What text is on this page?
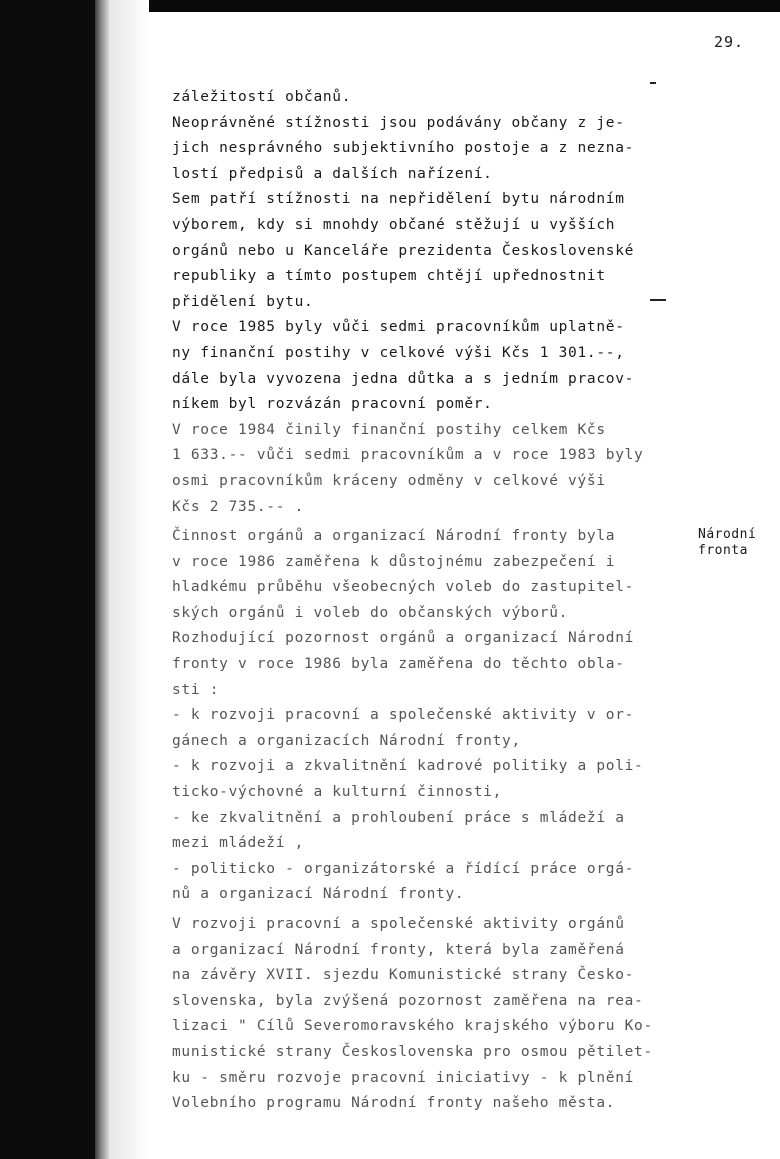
29.
záležitostí občanů.
Neoprávněné stížnosti jsou podávány občany z je-
jich nesprávného subjektivního postoje a z nezna-
lostí předpisů a dalších nařízení.
Sem patří stížnosti na nepřidělení bytu národním
výborem, kdy si mnohdy občané stěžují u vyšších
orgánů nebo u Kanceláře prezidenta Československé
republiky a tímto postupem chtějí upřednostnit
přidělení bytu.
V roce 1985 byly vůči sedmi pracovníkům uplatně-
ny finanční postihy v celkové výši Kčs 1 301.--,
dále byla vyvozena jedna důtka a s jedním pracov-
níkem byl rozvázán pracovní poměr.
V roce 1984 činily finanční postihy celkem Kčs
1 633.-- vůči sedmi pracovníkům a v roce 1983 byly
osmi pracovníkům kráceny odměny v celkové výši
Kčs 2 735.-- .
Národní
fronta
Činnost orgánů a organizací Národní fronty byla
v roce 1986 zaměřena k důstojnému zabezpečení i
hladkému průběhu všeobecných voleb do zastupitel-
ských orgánů i voleb do občanských výborů.
Rozhodující pozornost orgánů a organizací Národní
fronty v roce 1986 byla zaměřena do těchto obla-
sti :
- k rozvoji pracovní a společenské aktivity v or-
gánech a organizacích Národní fronty,
- k rozvoji a zkvalitnění kadrové politiky a poli-
ticko-výchovné a kulturní činnosti,
- ke zkvalitnění a prohloubení práce s mládeží a
mezi mládeží ,
- politicko - organizátorské a řídící práce orgá-
nů a organizací Národní fronty.
V rozvoji pracovní a společenské aktivity orgánů
a organizací Národní fronty, která byla zaměřená
na závěry XVII. sjezdu Komunistické strany Česko-
slovenska, byla zvýšená pozornost zaměřena na rea-
lizaci " Cílů Severomoravského krajského výboru Ko-
munistické strany Československa pro osmou pětilet-
ku - směru rozvoje pracovní iniciativy - k plnění
Volebního programu Národní fronty našeho města.
